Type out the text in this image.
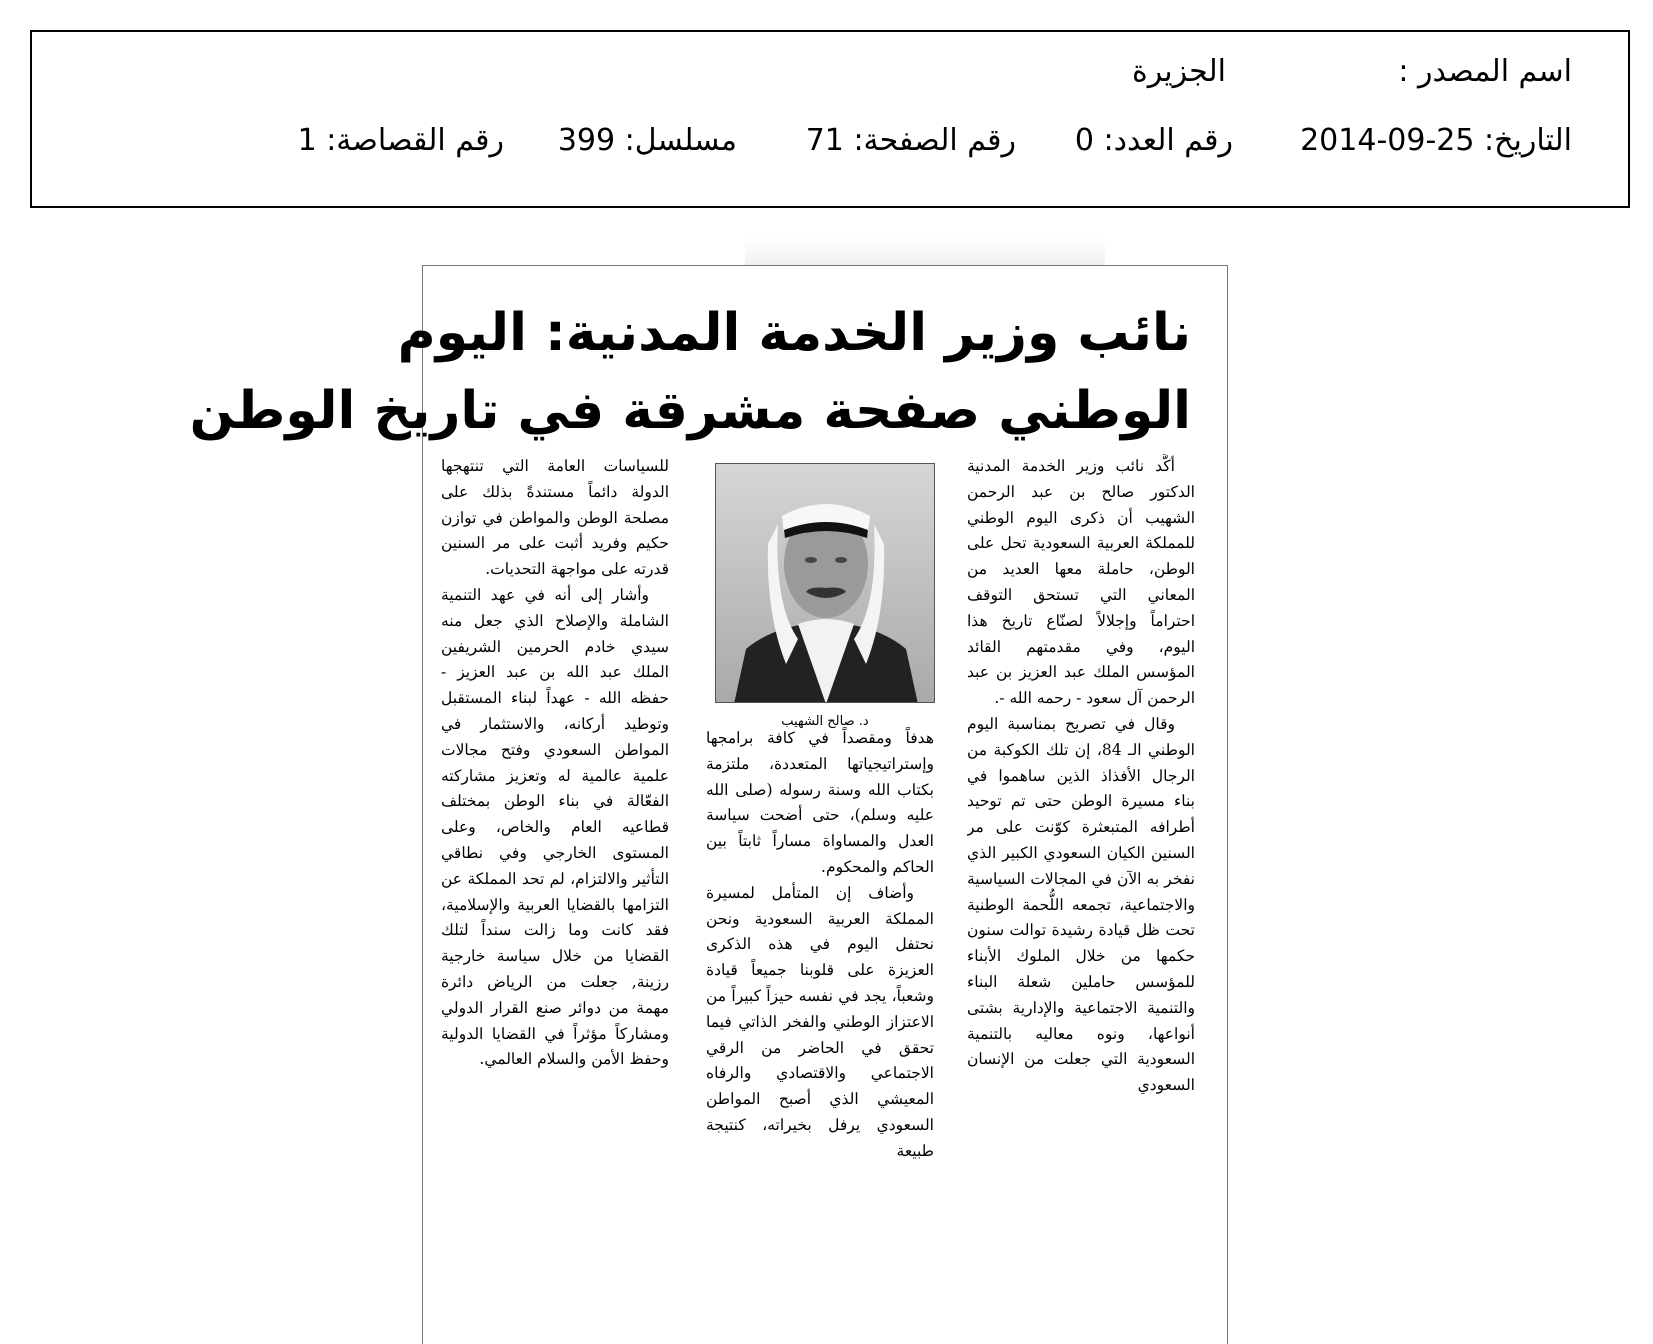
اسم المصدر :
الجزيرة
التاريخ: 25-09-2014
رقم العدد: 0
رقم الصفحة: 71
مسلسل: 399
رقم القصاصة: 1
نائب وزير الخدمة المدنية: اليوم
الوطني صفحة مشرقة في تاريخ الوطن

أكَّد نائب وزير الخدمة المدنية الدكتور صالح بن عبد الرحمن الشهيب أن ذكرى اليوم الوطني للمملكة العربية السعودية تحل على الوطن، حاملة معها العديد من المعاني التي تستحق التوقف احتراماً وإجلالاً لصنّاع تاريخ هذا اليوم، وفي مقدمتهم القائد المؤسس الملك عبد العزيز بن عبد الرحمن آل سعود - رحمه الله -.

وقال في تصريح بمناسبة اليوم الوطني الـ 84، إن تلك الكوكبة من الرجال الأفذاذ الذين ساهموا في بناء مسيرة الوطن حتى تم توحيد أطرافه المتبعثرة كوّنت على مر السنين الكيان السعودي الكبير الذي نفخر به الآن في المجالات السياسية والاجتماعية، تجمعه اللُّحمة الوطنية تحت ظل قيادة رشيدة توالت سنون حكمها من خلال الملوك الأبناء للمؤسس حاملين شعلة البناء والتنمية الاجتماعية والإدارية بشتى أنواعها، ونوه معاليه بالتنمية السعودية التي جعلت من الإنسان السعودي

د. صالح الشهيب

هدفاً ومقصداً في كافة برامجها وإستراتيجياتها المتعددة، ملتزمة بكتاب الله وسنة رسوله (صلى الله عليه وسلم)، حتى أضحت سياسة العدل والمساواة مساراً ثابتاً بين الحاكم والمحكوم.

وأضاف إن المتأمل لمسيرة المملكة العربية السعودية ونحن نحتفل اليوم في هذه الذكرى العزيزة على قلوبنا جميعاً قيادة وشعباً، يجد في نفسه حيزاً كبيراً من الاعتزاز الوطني والفخر الذاتي فيما تحقق في الحاضر من الرقي الاجتماعي والاقتصادي والرفاه المعيشي الذي أصبح المواطن السعودي يرفل بخيراته، كنتيجة طبيعة

للسياسات العامة التي تنتهجها الدولة دائماً مستندةً بذلك على مصلحة الوطن والمواطن في توازن حكيم وفريد أثبت على مر السنين قدرته على مواجهة التحديات.

وأشار إلى أنه في عهد التنمية الشاملة والإصلاح الذي جعل منه سيدي خادم الحرمين الشريفين الملك عبد الله بن عبد العزيز - حفظه الله - عهداً لبناء المستقبل وتوطيد أركانه، والاستثمار في المواطن السعودي وفتح مجالات علمية عالمية له وتعزيز مشاركته الفعّالة في بناء الوطن بمختلف قطاعيه العام والخاص، وعلى المستوى الخارجي وفي نطاقي التأثير والالتزام، لم تحد المملكة عن التزامها بالقضايا العربية والإسلامية، فقد كانت وما زالت سنداً لتلك القضايا من خلال سياسة خارجية رزينة, جعلت من الرياض دائرة مهمة من دوائر صنع القرار الدولي ومشاركاً مؤثراً في القضايا الدولية وحفظ الأمن والسلام العالمي.
